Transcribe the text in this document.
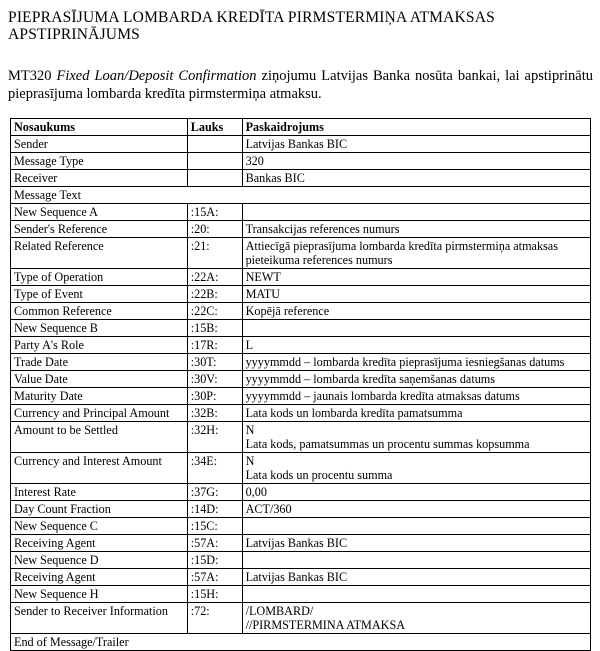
PIEPRASĪJUMA LOMBARDA KREDĪTA PIRMSTERMIŅA ATMAKSAS APSTIPRINĀJUMS
MT320 Fixed Loan/Deposit Confirmation ziņojumu Latvijas Banka nosūta bankai, lai apstiprinātu pieprasījuma lombarda kredīta pirmstermiņa atmaksu.
Nosaukums	Lauks	Paskaidrojums
Sender		Latvijas Bankas BIC

Message Type		320

Receiver		Bankas BIC

Message Text		
New Sequence A	:15A:	

Sender's Reference	:20:	Transakcijas references numurs

Related Reference	:21:	Attiecīgā pieprasījuma lombarda kredīta pirmstermiņa atmaksas pieteikuma references numurs

Type of Operation	:22A:	NEWT

Type of Event	:22B:	MATU

Common Reference	:22C:	Kopējā reference

New Sequence B	:15B:	

Party A's Role	:17R:	L

Trade Date	:30T:	yyyymmdd – lombarda kredīta pieprasījuma iesniegšanas datums

Value Date	:30V:	yyyymmdd – lombarda kredīta saņemšanas datums

Maturity Date	:30P:	yyyymmdd – jaunais lombarda kredīta atmaksas datums

Currency and Principal Amount	:32B:	Lata kods un lombarda kredīta pamatsumma

Amount to be Settled	:32H:	N
Lata kods, pamatsummas un procentu summas kopsumma

Currency and Interest Amount	:34E:	N
Lata kods un procentu summa

Interest Rate	:37G:	0,00

Day Count Fraction	:14D:	ACT/360

New Sequence C	:15C:	

Receiving Agent	:57A:	Latvijas Bankas BIC

New Sequence D	:15D:	

Receiving Agent	:57A:	Latvijas Bankas BIC

New Sequence H	:15H:	

Sender to Receiver Information	:72:	/LOMBARD/
//PIRMSTERMINA ATMAKSA

End of Message/Trailer		
